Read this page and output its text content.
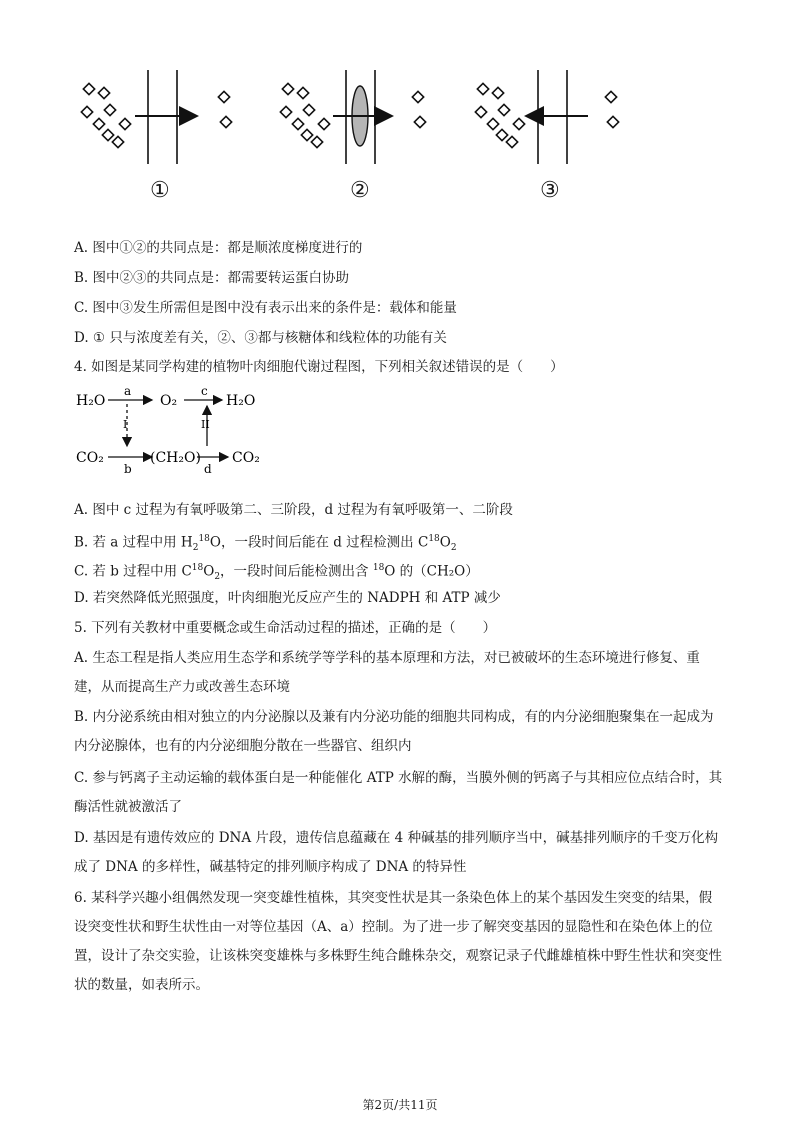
①	②	③
A. 图中①②的共同点是：都是顺浓度梯度进行的
B. 图中②③的共同点是：都需要转运蛋白协助
C. 图中③发生所需但是图中没有表示出来的条件是：载体和能量
D. ① 只与浓度差有关，②、③都与核糖体和线粒体的功能有关
4. 如图是某同学构建的植物叶肉细胞代谢过程图，下列相关叙述错误的是（　　）
H₂O
a
O₂
c
H₂O
I	II
CO₂
b
(CH₂O)
d
CO₂
A. 图中 c 过程为有氧呼吸第二、三阶段，d 过程为有氧呼吸第一、二阶段
B. 若 a 过程中用 $H_2^{18}O$，一段时间后能在 d 过程检测出 $C^{18}O_2$
C. 若 b 过程中用 $C^{18}O_2$，一段时间后能检测出含 $^{18}$O 的（CH₂O）
D. 若突然降低光照强度，叶肉细胞光反应产生的 NADPH 和 ATP 减少
5. 下列有关教材中重要概念或生命活动过程的描述，正确的是（　　）
A. 生态工程是指人类应用生态学和系统学等学科的基本原理和方法，对已被破坏的生态环境进行修复、重建，从而提高生产力或改善生态环境
B. 内分泌系统由相对独立的内分泌腺以及兼有内分泌功能的细胞共同构成，有的内分泌细胞聚集在一起成为内分泌腺体，也有的内分泌细胞分散在一些器官、组织内
C. 参与钙离子主动运输的载体蛋白是一种能催化 ATP 水解的酶，当膜外侧的钙离子与其相应位点结合时，其酶活性就被激活了
D. 基因是有遗传效应的 DNA 片段，遗传信息蕴藏在 4 种碱基的排列顺序当中，碱基排列顺序的千变万化构成了 DNA 的多样性，碱基特定的排列顺序构成了 DNA 的特异性
6. 某科学兴趣小组偶然发现一突变雄性植株，其突变性状是其一条染色体上的某个基因发生突变的结果，假设突变性状和野生状性由一对等位基因（A、a）控制。为了进一步了解突变基因的显隐性和在染色体上的位置，设计了杂交实验，让该株突变雄株与多株野生纯合雌株杂交，观察记录子代雌雄植株中野生性状和突变性状的数量，如表所示。
第2页/共11页
